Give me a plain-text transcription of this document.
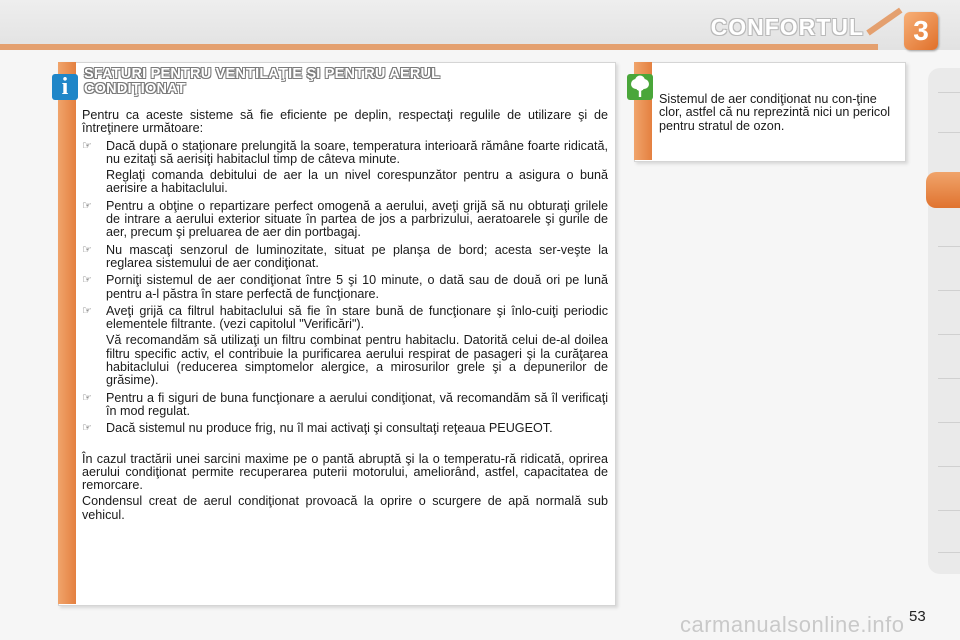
CONFORTUL	3
i	SFATURI PENTRU VENTILAŢIE ŞI PENTRU AERUL
CONDIŢIONAT

Pentru ca aceste sisteme să fie eficiente pe deplin, respectaţi regulile de utilizare şi de întreţinere următoare:

☞ Dacă după o staţionare prelungită la soare, temperatura interioară rămâne foarte ridicată, nu ezitaţi să aerisiţi habitaclul timp de câteva minute.

Reglaţi comanda debitului de aer la un nivel corespunzător pentru a asigura o bună aerisire a habitaclului.

☞ Pentru a obţine o repartizare perfect omogenă a aerului, aveţi grijă să nu obturaţi grilele de intrare a aerului exterior situate în partea de jos a parbrizului, aeratoarele şi gurile de aer, precum şi preluarea de aer din portbagaj.

☞ Nu mascaţi senzorul de luminozitate, situat pe planşa de bord; acesta ser-veşte la reglarea sistemului de aer condiţionat.

☞ Porniţi sistemul de aer condiţionat între 5 şi 10 minute, o dată sau de două ori pe lună pentru a-l păstra în stare perfectă de funcţionare.

☞ Aveţi grijă ca filtrul habitaclului să fie în stare bună de funcţionare şi înlo-cuiţi periodic elementele filtrante. (vezi capitolul "Verificări").

Vă recomandăm să utilizaţi un filtru combinat pentru habitaclu. Datorită celui de-al doilea filtru specific activ, el contribuie la purificarea aerului respirat de pasageri şi la curăţarea habitaclului (reducerea simptomelor alergice, a mirosurilor grele şi a depunerilor de grăsime).

☞ Pentru a fi siguri de buna funcţionare a aerului condiţionat, vă recomandăm să îl verificaţi în mod regulat.

☞ Dacă sistemul nu produce frig, nu îl mai activaţi şi consultaţi reţeaua PEUGEOT.

În cazul tractării unei sarcini maxime pe o pantă abruptă şi la o temperatu-ră ridicată, oprirea aerului condiţionat permite recuperarea puterii motorului, ameliorând, astfel, capacitatea de remorcare.

Condensul creat de aerul condiţionat provoacă la oprire o scurgere de apă normală sub vehicul.

Sistemul de aer condiţionat nu con-ţine clor, astfel că nu reprezintă nici un pericol pentru stratul de ozon.
carmanualsonline.info 53
